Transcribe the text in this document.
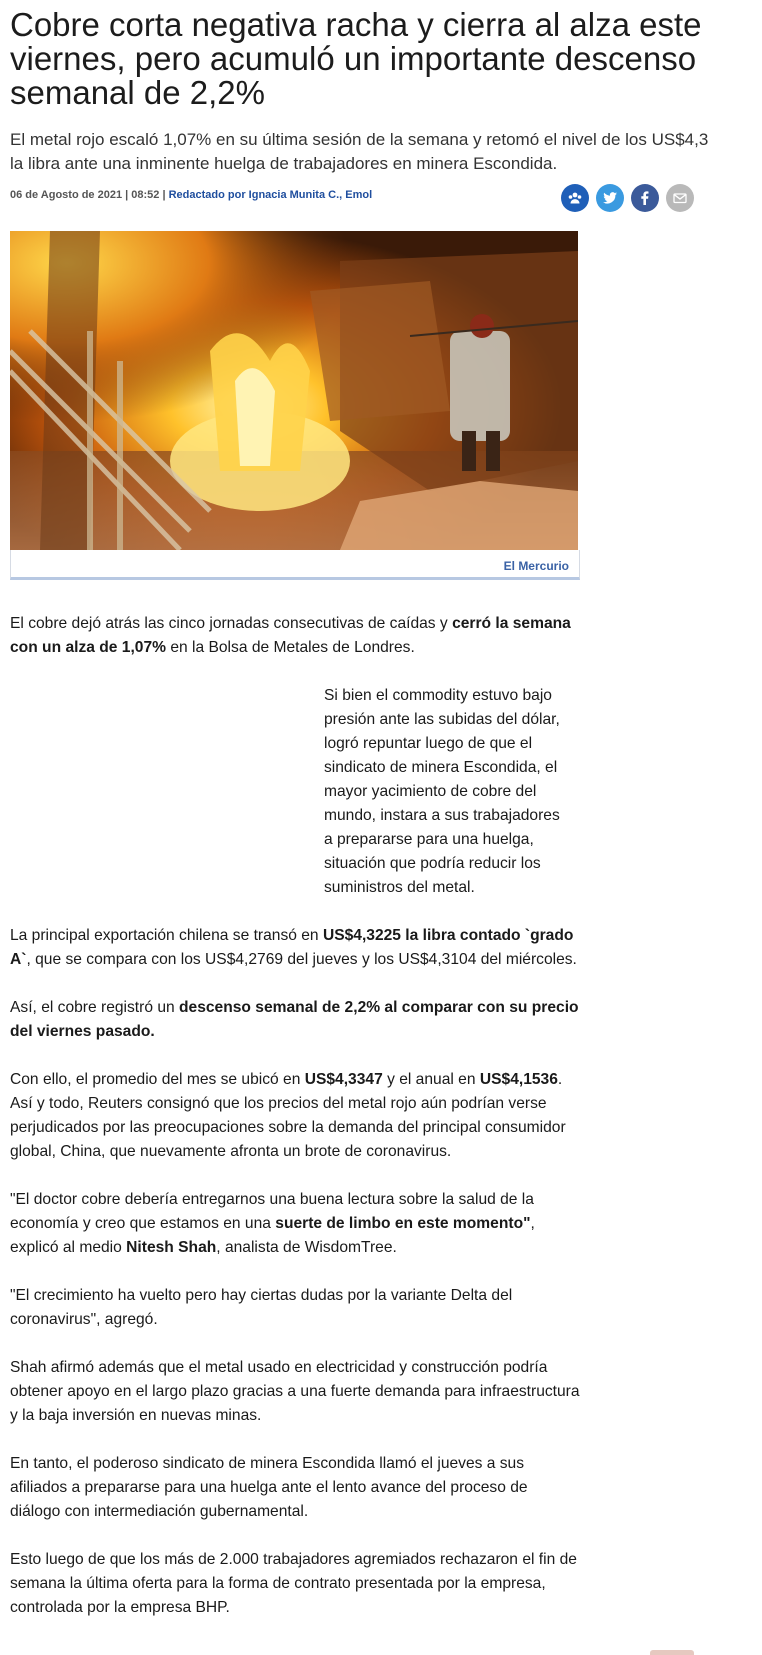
Cobre corta negativa racha y cierra al alza este viernes, pero acumuló un importante descenso semanal de 2,2%
El metal rojo escaló 1,07% en su última sesión de la semana y retomó el nivel de los US$4,3
la libra ante una inminente huelga de trabajadores en minera Escondida.
06 de Agosto de 2021 | 08:52 | Redactado por Ignacia Munita C., Emol
El Mercurio

El cobre dejó atrás las cinco jornadas consecutivas de caídas y cerró la semana con un alza de 1,07% en la Bolsa de Metales de Londres.

Si bien el commodity estuvo bajo presión ante las subidas del dólar, logró repuntar luego de que el sindicato de minera Escondida, el mayor yacimiento de cobre del mundo, instara a sus trabajadores a prepararse para una huelga, situación que podría reducir los suministros del metal.

La principal exportación chilena se transó en US$4,3225 la libra contado `grado A`, que se compara con los US$4,2769 del jueves y los US$4,3104 del miércoles.

Así, el cobre registró un descenso semanal de 2,2% al comparar con su precio del viernes pasado.

Con ello, el promedio del mes se ubicó en US$4,3347 y el anual en US$4,1536. Así y todo, Reuters consignó que los precios del metal rojo aún podrían verse perjudicados por las preocupaciones sobre la demanda del principal consumidor global, China, que nuevamente afronta un brote de coronavirus.

"El doctor cobre debería entregarnos una buena lectura sobre la salud de la economía y creo que estamos en una suerte de limbo en este momento", explicó al medio Nitesh Shah, analista de WisdomTree.

"El crecimiento ha vuelto pero hay ciertas dudas por la variante Delta del coronavirus", agregó.

Shah afirmó además que el metal usado en electricidad y construcción podría obtener apoyo en el largo plazo gracias a una fuerte demanda para infraestructura y la baja inversión en nuevas minas.

En tanto, el poderoso sindicato de minera Escondida llamó el jueves a sus afiliados a prepararse para una huelga ante el lento avance del proceso de diálogo con intermediación gubernamental.

Esto luego de que los más de 2.000 trabajadores agremiados rechazaron el fin de semana la última oferta para la forma de contrato presentada por la empresa, controlada por la empresa BHP.
